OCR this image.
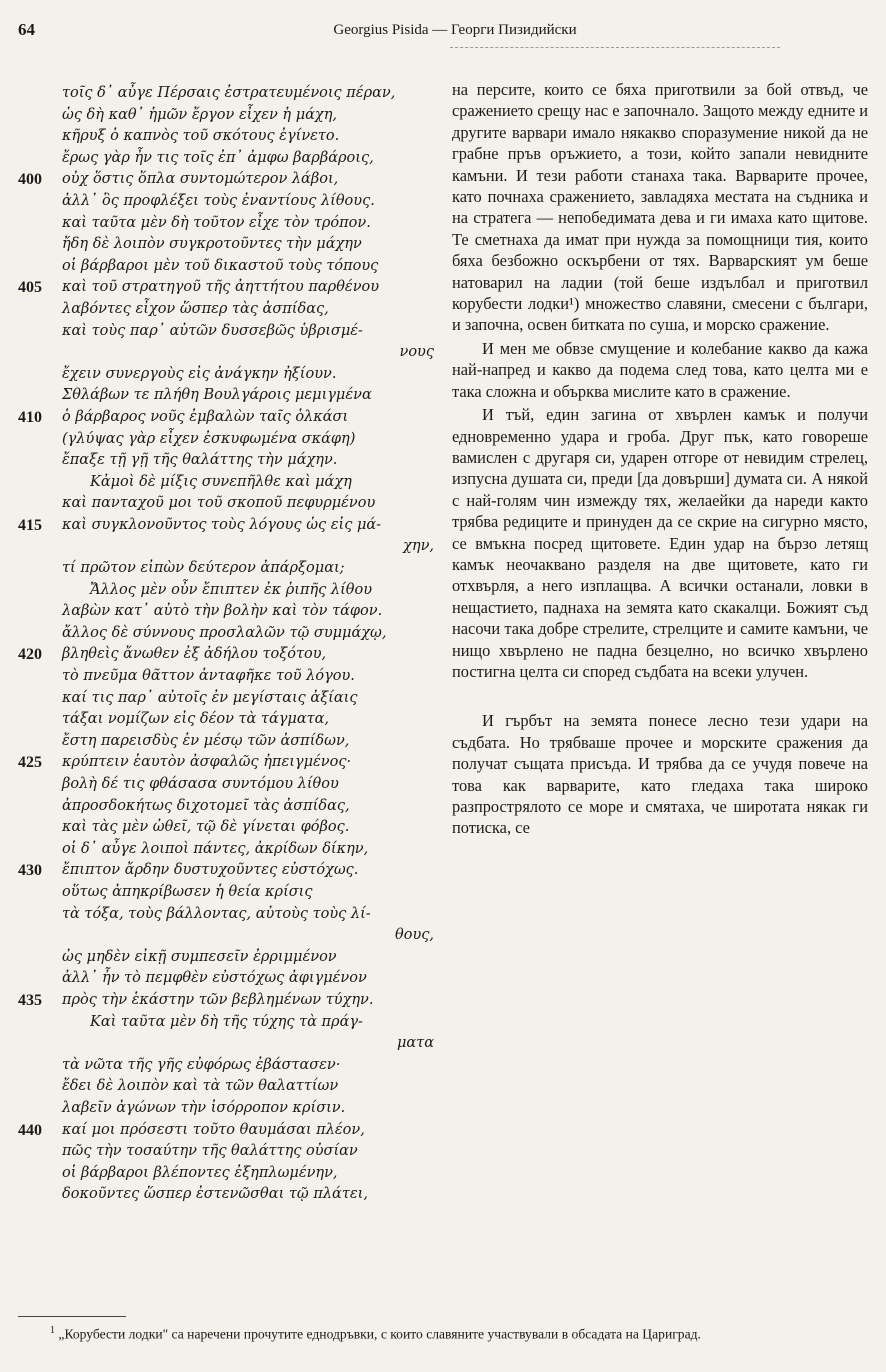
64	Georgius Pisida — Георги Пизидийски
τοῖς δ᾽ αὖγε Πέρσαις ἐστρατευμένοις πέραν,
ὡς δὴ καθ᾽ ἡμῶν ἔργον εἶχεν ἡ μάχη,
κῆρυξ ὁ καπνὸς τοῦ σκότους ἐγίνετο.
ἔρως γὰρ ἦν τις τοῖς ἐπ᾽ ἀμφω βαρβάροις,
400 οὐχ ὅστις ὅπλα συντομώτερον λάβοι,
ἀλλ᾽ ὃς προφλέξει τοὺς ἐναντίους λίθους.
καὶ ταῦτα μὲν δὴ τοῦτον εἶχε τὸν τρόπον.
ἤδη δὲ λοιπὸν συγκροτοῦντες τὴν μάχην
οἱ βάρβαροι μὲν τοῦ δικαστοῦ τοὺς τόπους
405 καὶ τοῦ στρατηγοῦ τῆς ἀηττήτου παρθένου
λαβόντες εἶχον ὥσπερ τὰς ἀσπίδας,
καὶ τοὺς παρ᾽ αὐτῶν δυσσεβῶς ὑβρισμέ-
νους
ἔχειν συνεργοὺς εἰς ἀνάγκην ἠξίουν.
Σθλάβων τε πλήθη Βουλγάροις μεμιγμένα
410 ὁ βάρβαρος νοῦς ἐμβαλὼν ταῖς ὁλκάσι
(γλύψας γὰρ εἶχεν ἐσκυφωμένα σκάφη)
ἔπαξε τῇ γῇ τῆς θαλάττης τὴν μάχην.
Κἀμοὶ δὲ μίξις συνεπῆλθε καὶ μάχη
καὶ πανταχοῦ μοι τοῦ σκοποῦ πεφυρμένου
415 καὶ συγκλονοῦντος τοὺς λόγους ὡς εἰς μά-
χην,
τί πρῶτον εἰπὼν δεύτερον ἀπάρξομαι;
Ἄλλος μὲν οὖν ἔπιπτεν ἐκ ῥιπῆς λίθου
λαβὼν κατ᾽ αὐτὸ τὴν βολὴν καὶ τὸν τάφον.
ἄλλος δὲ σύννους προσλαλῶν τῷ συμμάχῳ,
420 βληθεὶς ἄνωθεν ἐξ ἀδήλου τοξότου,
τὸ πνεῦμα θᾶττον ἀνταφῆκε τοῦ λόγου.
καί τις παρ᾽ αὐτοῖς ἐν μεγίσταις ἀξίαις
τάξαι νομίζων εἰς δέον τὰ τάγματα,
ἔστη παρεισδὺς ἐν μέσῳ τῶν ἀσπίδων,
425 κρύπτειν ἑαυτὸν ἀσφαλῶς ἠπειγμένος·
βολὴ δέ τις φθάσασα συντόμου λίθου
ἀπροσδοκήτως διχοτομεῖ τὰς ἀσπίδας,
καὶ τὰς μὲν ὠθεῖ, τῷ δὲ γίνεται φόβος.
οἱ δ᾽ αὖγε λοιποὶ πάντες, ἀκρίδων δίκην,
430 ἔπιπτον ἄρδην δυστυχοῦντες εὐστόχως.
οὕτως ἀπηκρίβωσεν ἡ θεία κρίσις
τὰ τόξα, τοὺς βάλλοντας, αὐτοὺς τοὺς λί-
θους,
ὡς μηδὲν εἰκῇ συμπεσεῖν ἐρριμμένον
ἀλλ᾽ ἦν τὸ πεμφθὲν εὐστόχως ἀφιγμένον
435 πρὸς τὴν ἑκάστην τῶν βεβλημένων τύχην.
Καὶ ταῦτα μὲν δὴ τῆς τύχης τὰ πράγ-
ματα
τὰ νῶτα τῆς γῆς εὐφόρως ἐβάστασεν·
ἔδει δὲ λοιπὸν καὶ τὰ τῶν θαλαττίων
λαβεῖν ἀγώνων τὴν ἰσόρροπον κρίσιν.
440 καί μοι πρόσεστι τοῦτο θαυμάσαι πλέον,
πῶς τὴν τοσαύτην τῆς θαλάττης οὐσίαν
οἱ βάρβαροι βλέποντες ἐξηπλωμένην,
δοκοῦντες ὥσπερ ἐστενῶσθαι τῷ πλάτει,

на персите, които се бяха приготвили за бой отвъд, че сражението срещу нас е започнало. Защото между едните и другите варвари имало някакво споразумение никой да не грабне пръв оръжието, а този, който запали невидните камъни. И тези работи станаха така. Варварите прочее, като почнаха сражението, завладяха местата на съдника и на стратега — непобедимата дева и ги имаха като щитове. Те сметнаха да имат при нужда за помощници тия, които бяха безбожно оскърбени от тях. Варварският ум беше натоварил на ладии (той беше издълбал и приготвил корубести лодки¹) множество славяни, смесени с българи, и започна, освен битката по суша, и морско сражение.

И мен ме обвзе смущение и колебание какво да кажа най-напред и какво да подема след това, като целта ми е така сложна и обърква мислите като в сражение.

И тъй, един загина от хвърлен камък и получи едновременно удара и гроба. Друг пък, като говореше вамислен с другаря си, ударен отгоре от невидим стрелец, изпусна душата си, преди [да довърши] думата си. А някой с най-голям чин измежду тях, желаейки да нареди както трябва редиците и принуден да се скрие на сигурно място, се вмъкна посред щитовете. Един удар на бързо летящ камък неочаквано разделя на две щитовете, като ги отхвърля, а него изплащва. А всички останали, ловки в нещастието, паднаха на земята като скакалци. Божият съд насочи така добре стрелите, стрелците и самите камъни, че нищо хвърлено не падна безцелно, но всичко хвърлено постигна целта си според съдбата на всеки улучен.

И гърбът на земята понесе лесно тези удари на съдбата. Но трябваше прочее и морските сражения да получат същата присъда. И трябва да се учудя повече на това как варварите, като гледаха така широко разпрострялото се море и смятаха, че широтата някак ги потиска, се

$^1$ „Корубести лодки" са наречени прочутите еднодръвки, с които славяните участвували в обсадата на Цариград.
